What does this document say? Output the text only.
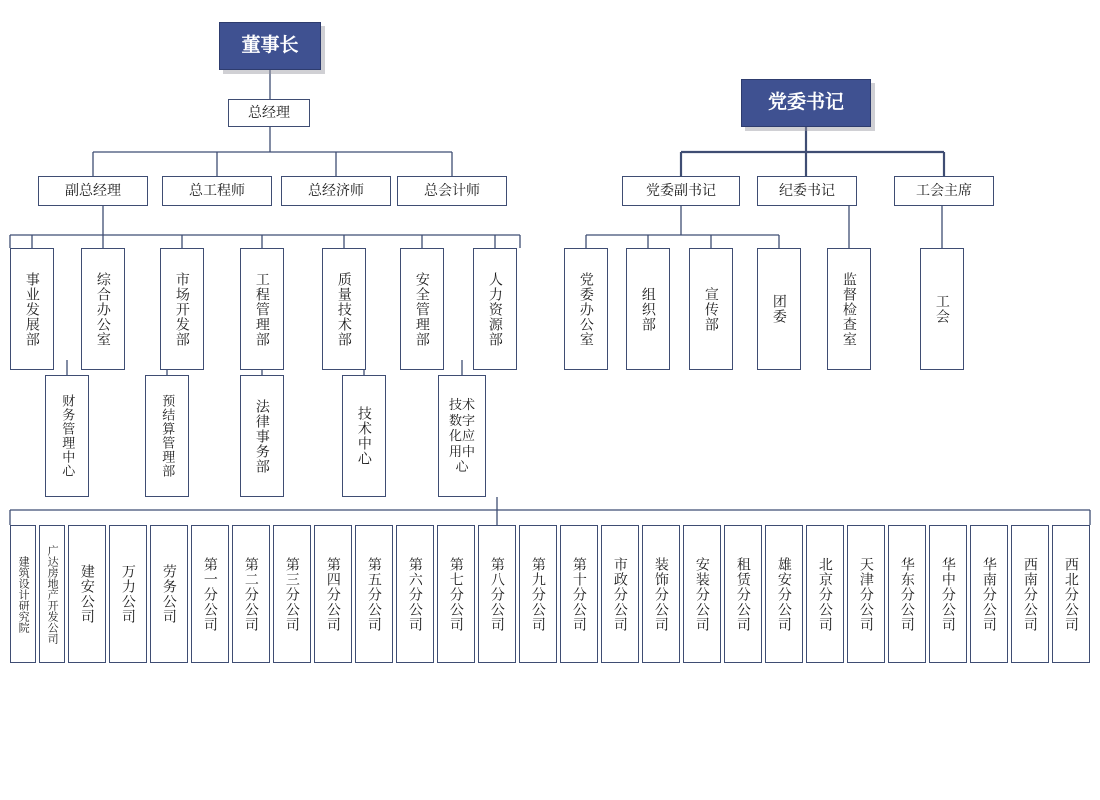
董事长
党委书记
总经理
副总经理	总工程师	总经济师	总会计师	党委副书记	纪委书记	工会主席
事业发展部	综合办公室	市场开发部	工程管理部	质量技术部	安全管理部	人力资源部	党委办公室	组织部	宣传部	团委	监督检查室	工会
财务管理中心	预结算管理部	法律事务部	技术中心
技术数字化应用中心
建筑设计研究院 广达房地产开发公司 建安公司 万力公司 劳务公司 第一分公司 第二分公司 第三分公司 第四分公司 第五分公司 第六分公司 第七分公司 第八分公司 第九分公司 第十分公司 市政分公司 装饰分公司 安装分公司 租赁分公司 雄安分公司 北京分公司 天津分公司 华东分公司 华中分公司 华南分公司 西南分公司 西北分公司
